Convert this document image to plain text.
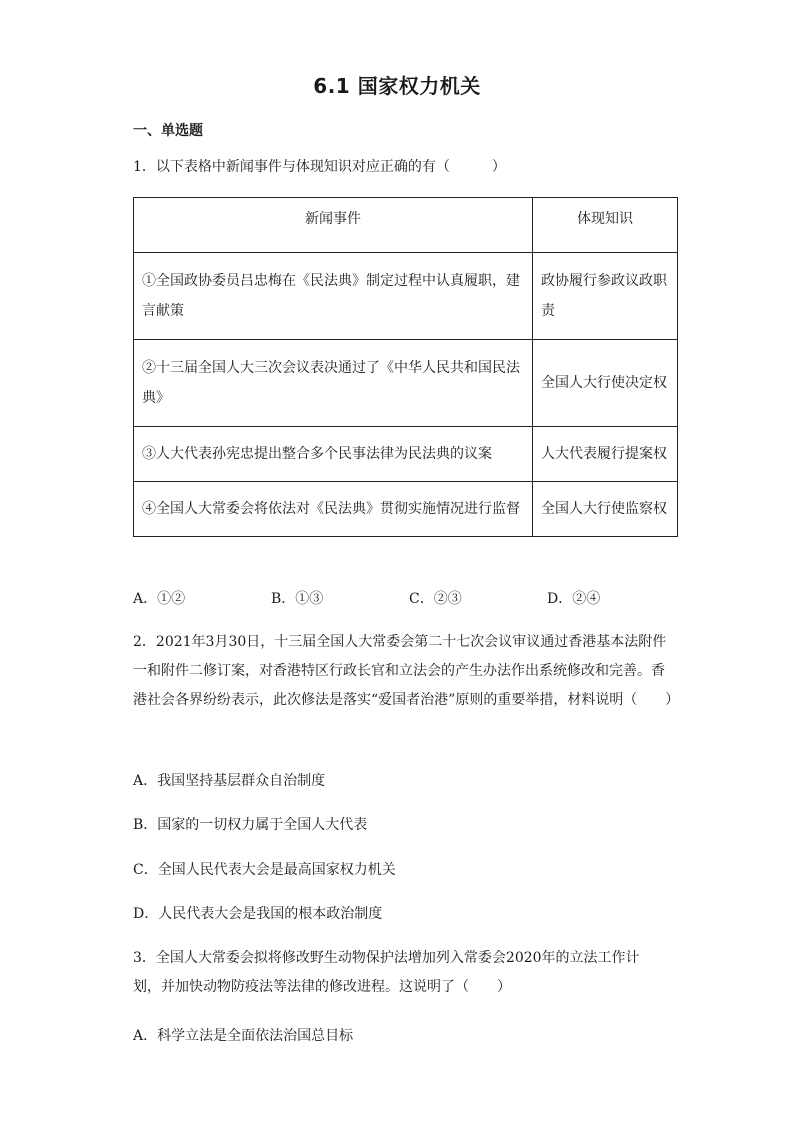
6.1 国家权力机关
一、单选题
1．以下表格中新闻事件与体现知识对应正确的有（　　　）
新闻事件	体现知识
①全国政协委员吕忠梅在《民法典》制定过程中认真履职，建言献策	政协履行参政议政职责
②十三届全国人大三次会议表决通过了《中华人民共和国民法典》	全国人大行使决定权
③人大代表孙宪忠提出整合多个民事法律为民法典的议案	人大代表履行提案权
④全国人大常委会将依法对《民法典》贯彻实施情况进行监督	全国人大行使监察权
A．①②	B．①③	C．②③	D．②④
2．2021年3月30日，十三届全国人大常委会第二十七次会议审议通过香港基本法附件一和附件二修订案，对香港特区行政长官和立法会的产生办法作出系统修改和完善。香港社会各界纷纷表示，此次修法是落实“爱国者治港”原则的重要举措，材料说明（　　）
A．我国坚持基层群众自治制度
B．国家的一切权力属于全国人大代表
C．全国人民代表大会是最高国家权力机关
D．人民代表大会是我国的根本政治制度
3．全国人大常委会拟将修改野生动物保护法增加列入常委会2020年的立法工作计划，并加快动物防疫法等法律的修改进程。这说明了（　　）
A．科学立法是全面依法治国总目标
